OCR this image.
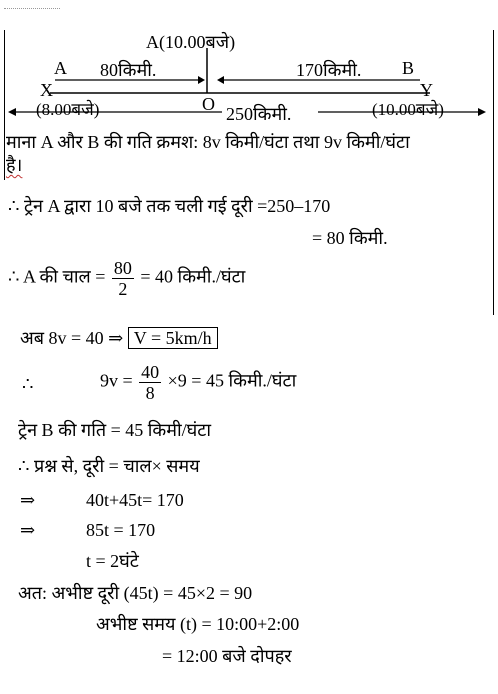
A(10.00बजे)
A 80किमी.	170किमी. B
X
O
Y
(8.00बजे)	250किमी.	(10.00बजे)
माना A और B की गति क्रमश: 8v किमी/घंटा तथा 9v किमी/घंटा
है।
∴ ट्रेन A द्वारा 10 बजे तक चली गई दूरी =250–170
= 80 किमी.
∴ A की चाल = $\frac{80}{2} = 40$ किमी./घंटा
अब 8v = 40 ⇒ V = 5km/h
∴	$9v = \frac{40}{8} \times 9 = 45$ किमी./घंटा
ट्रेन B की गति = 45 किमी/घंटा
∴ प्रश्न से, दूरी = चाल× समय
⇒	40t+45t= 170
⇒	85t = 170
t = 2घंटे
अत: अभीष्ट दूरी (45t) = 45×2 = 90
अभीष्ट समय (t) = 10:00+2:00
= 12:00 बजे दोपहर
